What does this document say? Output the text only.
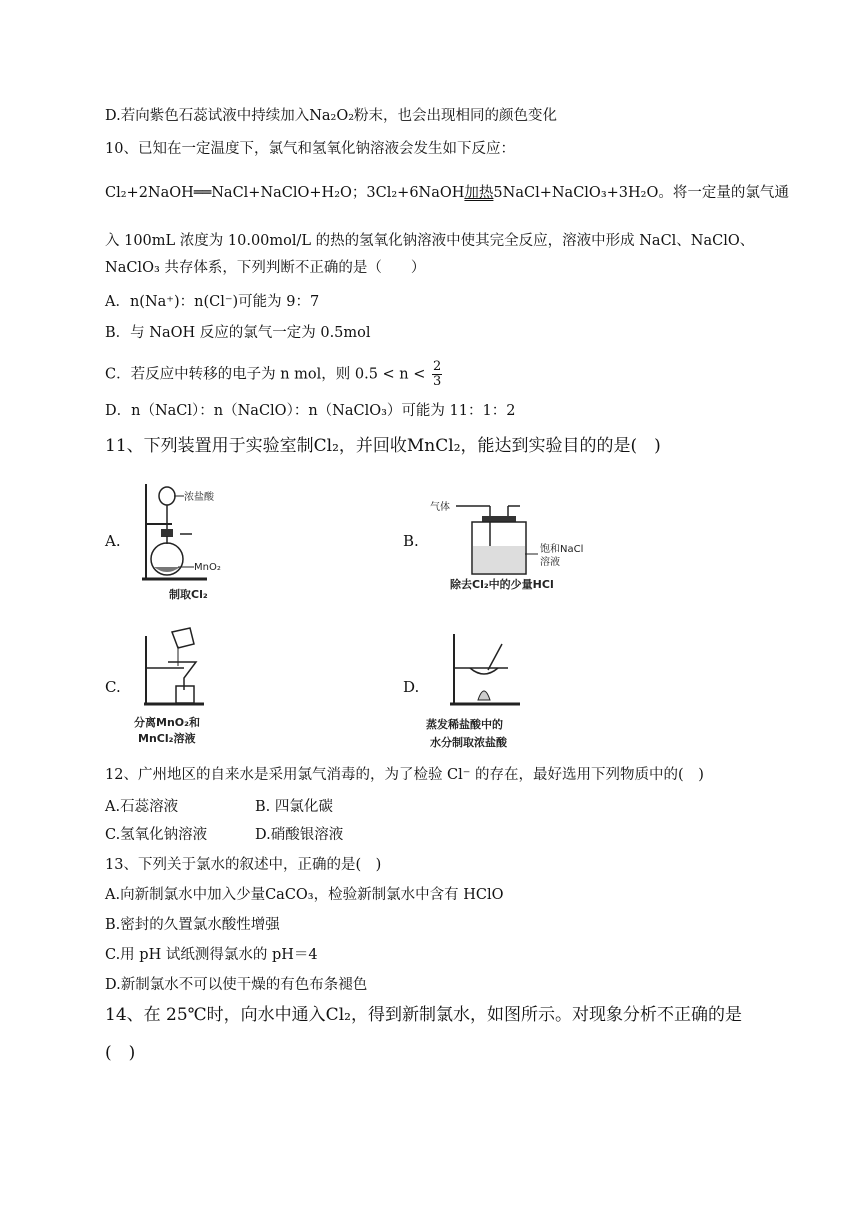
D.若向紫色石蕊试液中持续加入Na₂O₂粉末，也会出现相同的颜色变化
10、已知在一定温度下，氯气和氢氧化钠溶液会发生如下反应：
Cl₂+2NaOH══NaCl+NaClO+H₂O；3Cl₂+6NaOH加热5NaCl+NaClO₃+3H₂O。将一定量的氯气通
入 100mL 浓度为 10.00mol/L 的热的氢氧化钠溶液中使其完全反应，溶液中形成 NaCl、NaClO、
NaClO₃ 共存体系，下列判断不正确的是（　　）
A．n(Na⁺)：n(Cl⁻)可能为 9：7
B．与 NaOH 反应的氯气一定为 0.5mol
C．若反应中转移的电子为 n mol，则 $0.5 < n < \frac{2}{3}$
D．n（NaCl）：n（NaClO）：n（NaClO₃）可能为 11：1：2
11、下列装置用于实验室制Cl₂，并回收MnCl₂，能达到实验目的的是(　)
A.	B.
C.	D.
浓盐酸
MnO₂
制取Cl₂
气体
饱和NaCl
溶液
除去Cl₂中的少量HCl
分离MnO₂和
MnCl₂溶液
蒸发稀盐酸中的
水分制取浓盐酸
12、广州地区的自来水是采用氯气消毒的，为了检验 Cl⁻ 的存在，最好选用下列物质中的(　)
A.石蕊溶液	B. 四氯化碳
C.氢氧化钠溶液	D.硝酸银溶液
13、下列关于氯水的叙述中，正确的是(　)
A.向新制氯水中加入少量CaCO₃，检验新制氯水中含有 HClO
B.密封的久置氯水酸性增强
C.用 pH 试纸测得氯水的 pH＝4
D.新制氯水不可以使干燥的有色布条褪色
14、在 25℃时，向水中通入Cl₂，得到新制氯水，如图所示。对现象分析不正确的是
(　)
